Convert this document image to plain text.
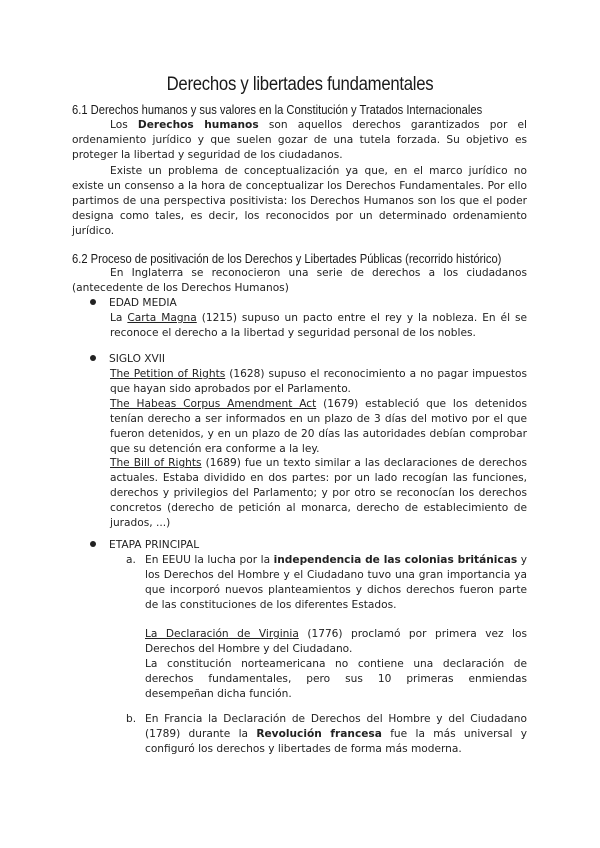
Derechos y libertades fundamentales
6.1 Derechos humanos y sus valores en la Constitución y Tratados Internacionales

Los Derechos humanos son aquellos derechos garantizados por el ordenamiento jurídico y que suelen gozar de una tutela forzada. Su objetivo es proteger la libertad y seguridad de los ciudadanos.

Existe un problema de conceptualización ya que, en el marco jurídico no existe un consenso a la hora de conceptualizar los Derechos Fundamentales. Por ello partimos de una perspectiva positivista: los Derechos Humanos son los que el poder designa como tales, es decir, los reconocidos por un determinado ordenamiento jurídico.

6.2 Proceso de positivación de los Derechos y Libertades Públicas (recorrido histórico)

En Inglaterra se reconocieron una serie de derechos a los ciudadanos (antecedente de los Derechos Humanos)

EDAD MEDIA

La Carta Magna (1215) supuso un pacto entre el rey y la nobleza. En él se reconoce el derecho a la libertad y seguridad personal de los nobles.

SIGLO XVII

The Petition of Rights (1628) supuso el reconocimiento a no pagar impuestos que hayan sido aprobados por el Parlamento.

The Habeas Corpus Amendment Act (1679) estableció que los detenidos tenían derecho a ser informados en un plazo de 3 días del motivo por el que fueron detenidos, y en un plazo de 20 días las autoridades debían comprobar que su detención era conforme a la ley.

The Bill of Rights (1689) fue un texto similar a las declaraciones de derechos actuales. Estaba dividido en dos partes: por un lado recogían las funciones, derechos y privilegios del Parlamento; y por otro se reconocían los derechos concretos (derecho de petición al monarca, derecho de establecimiento de jurados, ...)

ETAPA PRINCIPAL

a. En EEUU la lucha por la independencia de las colonias británicas y los Derechos del Hombre y el Ciudadano tuvo una gran importancia ya que incorporó nuevos planteamientos y dichos derechos fueron parte de las constituciones de los diferentes Estados.

La Declaración de Virginia (1776) proclamó por primera vez los Derechos del Hombre y del Ciudadano.

La constitución norteamericana no contiene una declaración de derechos fundamentales, pero sus 10 primeras enmiendas desempeñan dicha función.

b. En Francia la Declaración de Derechos del Hombre y del Ciudadano (1789) durante la Revolución francesa fue la más universal y configuró los derechos y libertades de forma más moderna.
